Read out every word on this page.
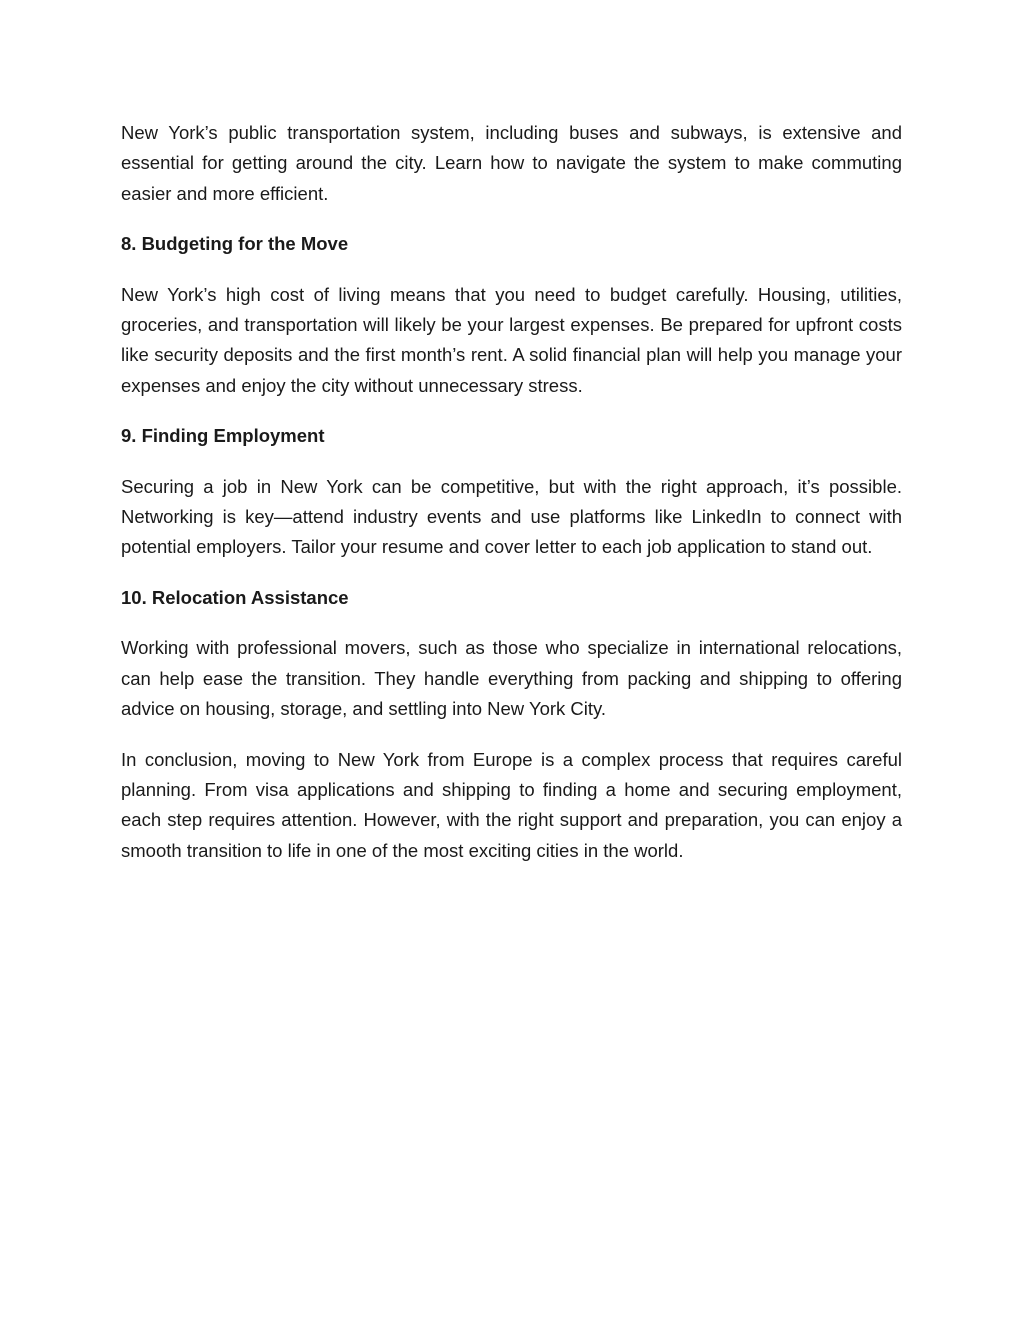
New York’s public transportation system, including buses and subways, is extensive and essential for getting around the city. Learn how to navigate the system to make commuting easier and more efficient.

8. Budgeting for the Move

New York’s high cost of living means that you need to budget carefully. Housing, utilities, groceries, and transportation will likely be your largest expenses. Be prepared for upfront costs like security deposits and the first month’s rent. A solid financial plan will help you manage your expenses and enjoy the city without unnecessary stress.

9. Finding Employment

Securing a job in New York can be competitive, but with the right approach, it’s possible. Networking is key—attend industry events and use platforms like LinkedIn to connect with potential employers. Tailor your resume and cover letter to each job application to stand out.

10. Relocation Assistance

Working with professional movers, such as those who specialize in international relocations, can help ease the transition. They handle everything from packing and shipping to offering advice on housing, storage, and settling into New York City.

In conclusion, moving to New York from Europe is a complex process that requires careful planning. From visa applications and shipping to finding a home and securing employment, each step requires attention. However, with the right support and preparation, you can enjoy a smooth transition to life in one of the most exciting cities in the world.
